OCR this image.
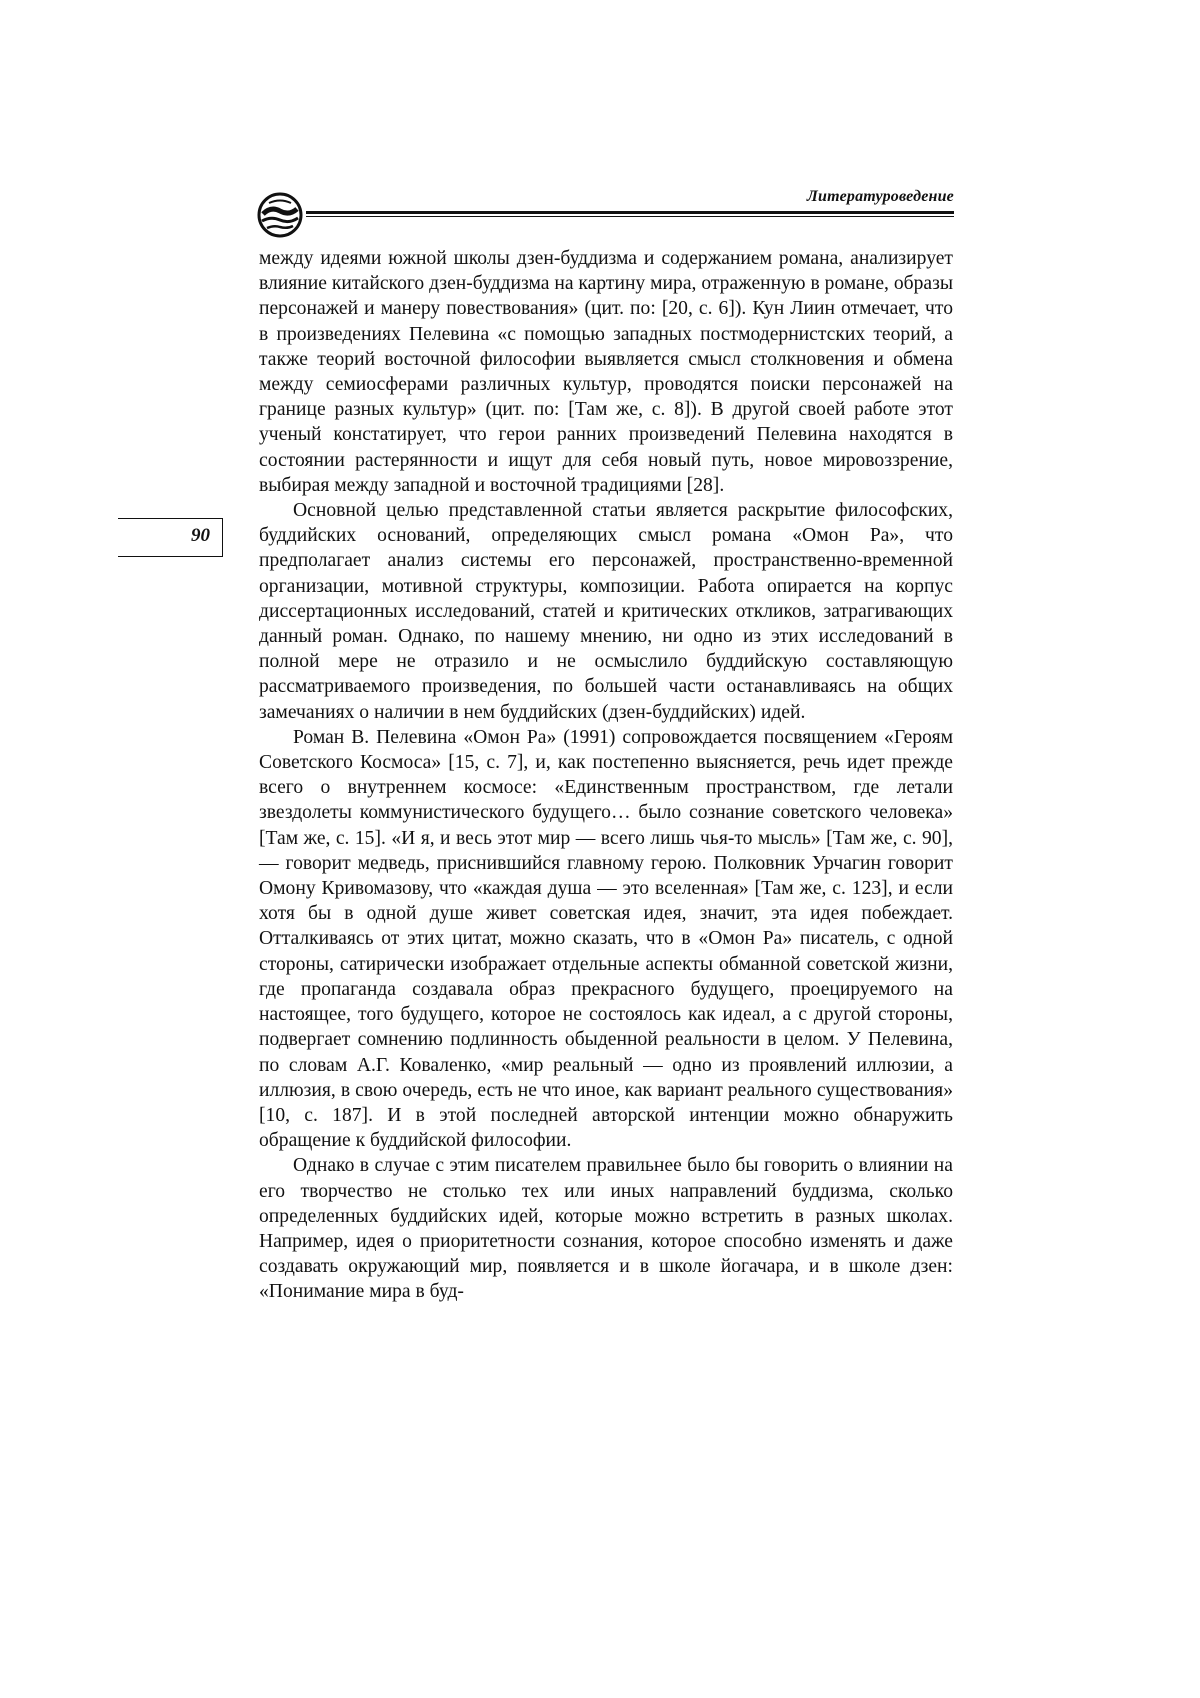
Литературоведение
90

между идеями южной школы дзен-буддизма и содержанием романа, анализирует влияние китайского дзен-буддизма на картину мира, отраженную в романе, образы персонажей и манеру повествования» (цит. по: [20, с. 6]). Кун Лиин отмечает, что в произведениях Пелевина «с помощью западных постмодернистских теорий, а также теорий восточной философии выявляется смысл столкновения и обмена между семиосферами различных культур, проводятся поиски персонажей на границе разных культур» (цит. по: [Там же, с. 8]). В другой своей работе этот ученый констатирует, что герои ранних произведений Пелевина находятся в состоянии растерянности и ищут для себя новый путь, новое мировоззрение, выбирая между западной и восточной традициями [28].

Основной целью представленной статьи является раскрытие философских, буддийских оснований, определяющих смысл романа «Омон Ра», что предполагает анализ системы его персонажей, пространственно-временной организации, мотивной структуры, композиции. Работа опирается на корпус диссертационных исследований, статей и критических откликов, затрагивающих данный роман. Однако, по нашему мнению, ни одно из этих исследований в полной мере не отразило и не осмыслило буддийскую составляющую рассматриваемого произведения, по большей части останавливаясь на общих замечаниях о наличии в нем буддийских (дзен-буддийских) идей.

Роман В. Пелевина «Омон Ра» (1991) сопровождается посвящением «Героям Советского Космоса» [15, с. 7], и, как постепенно выясняется, речь идет прежде всего о внутреннем космосе: «Единственным пространством, где летали звездолеты коммунистического будущего… было сознание советского человека» [Там же, с. 15]. «И я, и весь этот мир — всего лишь чья-то мысль» [Там же, с. 90], — говорит медведь, приснившийся главному герою. Полковник Урчагин говорит Омону Кривомазову, что «каждая душа — это вселенная» [Там же, с. 123], и если хотя бы в одной душе живет советская идея, значит, эта идея побеждает. Отталкиваясь от этих цитат, можно сказать, что в «Омон Ра» писатель, с одной стороны, сатирически изображает отдельные аспекты обманной советской жизни, где пропаганда создавала образ прекрасного будущего, проецируемого на настоящее, того будущего, которое не состоялось как идеал, а с другой стороны, подвергает сомнению подлинность обыденной реальности в целом. У Пелевина, по словам А.Г. Коваленко, «мир реальный — одно из проявлений иллюзии, а иллюзия, в свою очередь, есть не что иное, как вариант реального существования» [10, с. 187]. И в этой последней авторской интенции можно обнаружить обращение к буддийской философии.

Однако в случае с этим писателем правильнее было бы говорить о влиянии на его творчество не столько тех или иных направлений буддизма, сколько определенных буддийских идей, которые можно встретить в разных школах. Например, идея о приоритетности сознания, которое способно изменять и даже создавать окружающий мир, появляется и в школе йогачара, и в школе дзен: «Понимание мира в буд-
